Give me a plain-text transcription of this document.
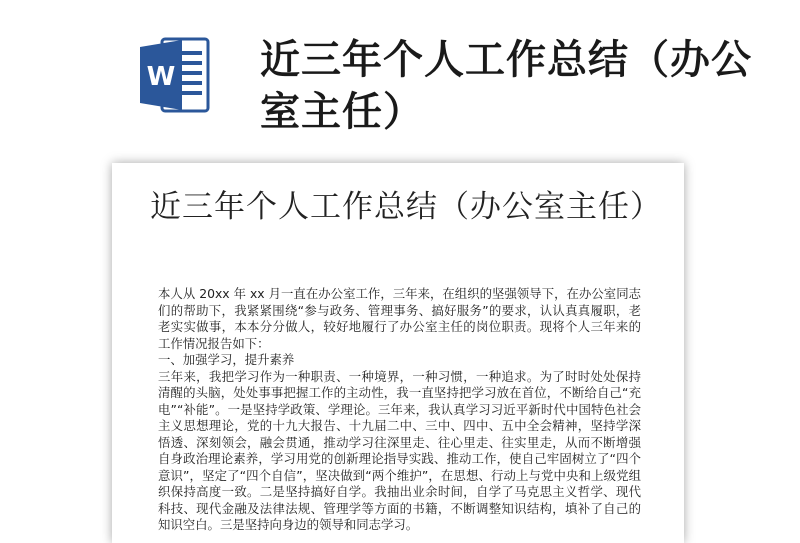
W 近三年个人工作总结（办公室主任）
近三年个人工作总结（办公室主任）

本人从 20xx 年 xx 月一直在办公室工作，三年来，在组织的坚强领导下，在办公室同志们的帮助下，我紧紧围绕“参与政务、管理事务、搞好服务”的要求，认认真真履职，老老实实做事，本本分分做人，较好地履行了办公室主任的岗位职责。现将个人三年来的工作情况报告如下：

一、加强学习，提升素养

三年来，我把学习作为一种职责、一种境界，一种习惯，一种追求。为了时时处处保持清醒的头脑，处处事事把握工作的主动性，我一直坚持把学习放在首位，不断给自己“充电”“补能”。一是坚持学政策、学理论。三年来，我认真学习习近平新时代中国特色社会主义思想理论，党的十九大报告、十九届二中、三中、四中、五中全会精神，坚持学深悟透、深刻领会，融会贯通，推动学习往深里走、往心里走、往实里走，从而不断增强自身政治理论素养，学习用党的创新理论指导实践、推动工作，使自己牢固树立了“四个意识”，坚定了“四个自信”，坚决做到“两个维护”，在思想、行动上与党中央和上级党组织保持高度一致。二是坚持搞好自学。我抽出业余时间，自学了马克思主义哲学、现代科技、现代金融及法律法规、管理学等方面的书籍，不断调整知识结构，填补了自己的知识空白。三是坚持向身边的领导和同志学习。
